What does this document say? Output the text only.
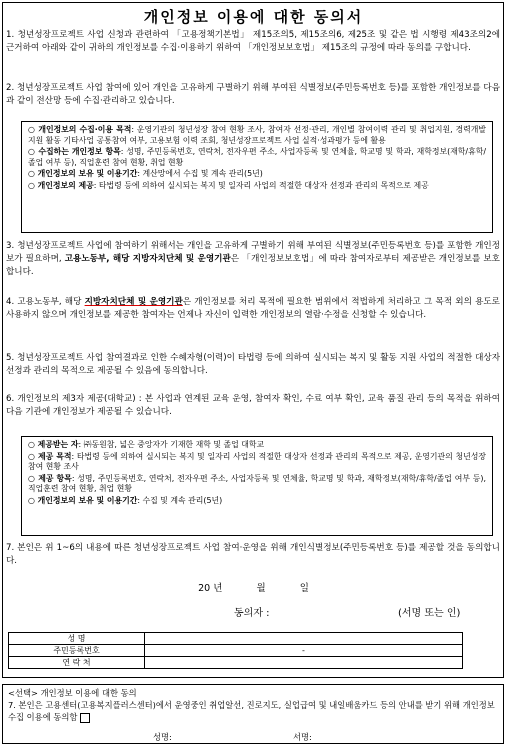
개인정보 이용에 대한 동의서
1. 청년성장프로젝트 사업 신청과 관련하여 「고용정책기본법」 제15조의5, 제15조의6, 제25조 및 같은 법 시행령 제43조의2에 근거하여 아래와 같이 귀하의 개인정보를 수집·이용하기 위하여 「개인정보보호법」 제15조의 규정에 따라 동의를 구합니다.
2. 청년성장프로젝트 사업 참여에 있어 개인을 고유하게 구별하기 위해 부여된 식별정보(주민등록번호 등)를 포함한 개인정보를 다음과 같이 전산망 등에 수집·관리하고 있습니다.
○ 개인정보의 수집·이용 목적: 운영기관의 청년성장 참여 현황 조사, 참여자 선정·관리, 개인별 참여이력 관리 및 취업지원, 경력개발지원 활동 기타사업 공통참여 여부, 고용보험 이력 조회, 청년성장프로젝트 사업 실적·성과평가 등에 활용
○ 수집하는 개인정보 항목: 성명, 주민등록번호, 연락처, 전자우편 주소, 사업자등록 및 연체율, 학교명 및 학과, 재학정보(재학/휴학/졸업 여부 등), 직업훈련 참여 현황, 취업 현황
○ 개인정보의 보유 및 이용기간: 계산망에서 수집 및 계속 관리(5년)
○ 개인정보의 제공: 타법령 등에 의하여 실시되는 복지 및 일자리 사업의 적절한 대상자 선정과 관리의 목적으로 제공
3. 청년성장프로젝트 사업에 참여하기 위해서는 개인을 고유하게 구별하기 위해 부여된 식별정보(주민등록번호 등)를 포함한 개인정보가 필요하며, 고용노동부, 해당 지방자치단체 및 운영기관은 「개인정보보호법」에 따라 참여자로부터 제공받은 개인정보를 보호합니다.
4. 고용노동부, 해당 지방자치단체 및 운영기관은 개인정보를 처리 목적에 필요한 범위에서 적법하게 처리하고 그 목적 외의 용도로 사용하지 않으며 개인정보를 제공한 참여자는 언제나 자신이 입력한 개인정보의 열람·수정을 신청할 수 있습니다.
5. 청년성장프로젝트 사업 참여결과로 인한 수혜자형(이력)이 타법령 등에 의하여 실시되는 복지 및 활동 지원 사업의 적절한 대상자 선정과 관리의 목적으로 제공될 수 있음에 동의합니다.
6. 개인정보의 제3자 제공(대학교) : 본 사업과 연계된 교육 운영, 참여자 확인, 수료 여부 확인, 교육 품질 관리 등의 목적을 위하여 다음 기관에 개인정보가 제공될 수 있습니다.
○ 제공받는 자: ㈜동원참, 넓은 중앙자가 기재한 재학 및 졸업 대학교
○ 제공 목적: 타법령 등에 의하여 실시되는 복지 및 일자리 사업의 적절한 대상자 선정과 관리의 목적으로 제공, 운영기관의 청년성장 참여 현황 조사
○ 제공 항목: 성명, 주민등록번호, 연락처, 전자우편 주소, 사업자등록 및 연체율, 학교명 및 학과, 재학정보(재학/휴학/졸업 여부 등), 직업훈련 참여 현황, 취업 현황
○ 개인정보의 보유 및 이용기간: 수집 및 계속 관리(5년)
7. 본인은 위 1~6의 내용에 따른 청년성장프로젝트 사업 참여·운영을 위해 개인식별정보(주민등록번호 등)를 제공할 것을 동의합니다.
20 년	월	일
동의자 :	(서명 또는 인)
성 명	
주민등록번호	-
연 락 처	
<선택> 개인정보 이용에 대한 동의
7. 본인은 고용센터(고용복지플러스센터)에서 운영중인 취업알선, 진로지도, 실업급여 및 내일배움카드 등의 안내를 받기 위해 개인정보 수집 이용에 동의함
성명:	서명:
